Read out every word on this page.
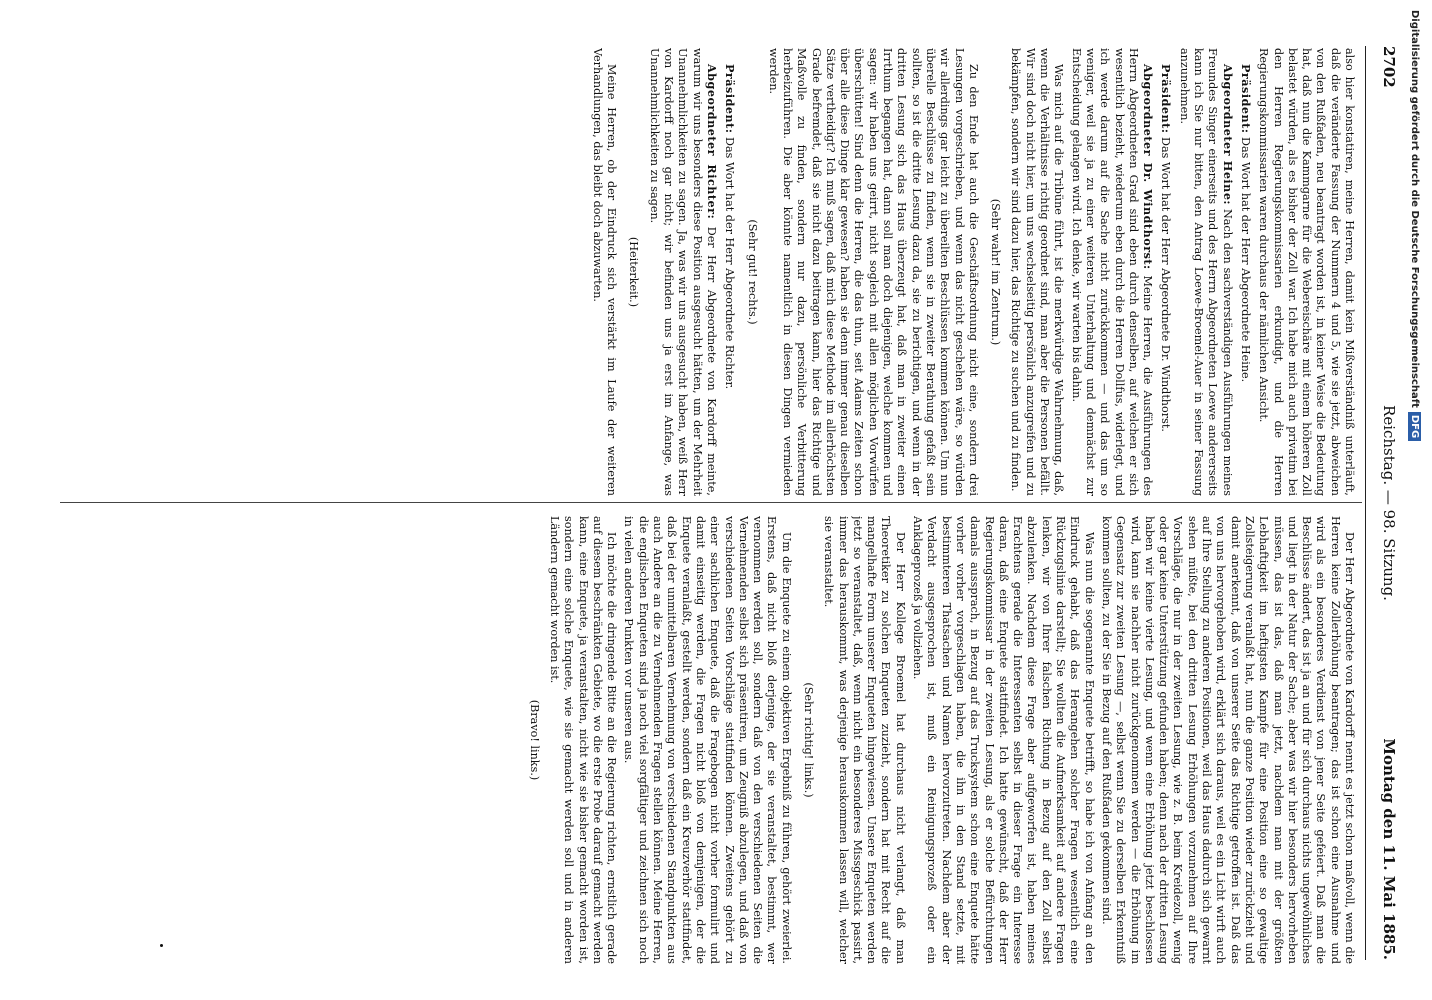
2702
Reichstag. — 98. Sitzung.
Montag den 11. Mai 1885.

also hier konstatiren, meine Herren, damit kein Mißverständniß unterläuft, daß die veränderte Fassung der Nummern 4 und 5, wie sie jetzt, abweichen von den Rußfaden, neu beantragt worden ist, in keiner Weise die Bedeutung hat, daß nun die Kammgarne für die Webereischäre mit einem höheren Zoll belastet würden, als es bisher der Zoll war. Ich habe mich auch privatim bei den Herren Regierungskommissarien erkundigt, und die Herren Regierungskommissarien waren durchaus der nämlichen Ansicht.

Präsident: Das Wort hat der Herr Abgeordnete Heine.

Abgeordneter Heine: Nach den sachverständigen Ausführungen meines Freundes Singer einerseits und des Herrn Abgeordneten Loewe andererseits kann ich Sie nur bitten, den Antrag Loewe-Broemel-Auer in seiner Fassung anzunehmen.

Präsident: Das Wort hat der Herr Abgeordnete Dr. Windthorst.

Abgeordneter Dr. Windthorst: Meine Herren, die Ausführungen des Herrn Abgeordneten Grad sind eben durch denselben, auf welchen er sich wesentlich bezieht, wiederum eben durch die Herren Dollfus, widerlegt, und ich werde darum auf die Sache nicht zurückkommen — und das um so weniger, weil sie ja zu einer weiteren Unterhaltung und demnächst zur Entscheidung gelangen wird. Ich denke, wir warten bis dahin.

Was mich auf die Tribüne führt, ist die merkwürdige Wahrnehmung, daß, wenn die Verhältnisse richtig geordnet sind, man aber die Personen befällt. Wir sind doch nicht hier, um uns wechselseitig persönlich anzugreifen und zu bekämpfen, sondern wir sind dazu hier, das Richtige zu suchen und zu finden.

(Sehr wahr! im Zentrum.)

Zu den Ende hat auch die Geschäftsordnung nicht eine, sondern drei Lesungen vorgeschrieben, und wenn das nicht geschehen wäre, so würden wir allerdings gar leicht zu übereilten Beschlüssen kommen können. Um nun überelle Beschlüsse zu finden, wenn sie in zweiter Berathung gefaßt sein sollten, so ist die dritte Lesung dazu da, sie zu berichtigen, und wenn in der dritten Lesung sich das Haus überzeugt hat, daß man in zweiter einen Irrthum begangen hat, dann soll man doch diejenigen, welche kommen und sagen: wir haben uns geirrt, nicht sogleich mit allen möglichen Vorwürfen überschütten! Sind denn die Herren, die das thun, seit Adams Zeiten schon über alle diese Dinge klar gewesen? haben sie denn immer genau dieselben Sätze vertheidigt? Ich muß sagen, daß mich diese Methode im allerhöchsten Grade befremdet, daß sie nicht dazu beitragen kann, hier das Richtige und Maßvolle zu finden, sondern nur dazu, persönliche Verbitterung herbeizuführen. Die aber könnte namentlich in diesen Dingen vermieden werden.

(Sehr gut! rechts.)

Präsident: Das Wort hat der Herr Abgeordnete Richter.

Abgeordneter Richter: Der Herr Abgeordnete von Kardorff meinte, warum wir uns besonders diese Position ausgesucht hätten, um der Mehrheit Unannehmlichkeiten zu sagen. Ja, was wir uns ausgesucht haben, weiß Herr von Kardorff noch gar nicht; wir befinden uns ja erst im Anfange, was Unannehmlichkeiten zu sagen.

(Heiterkeit.)

Meine Herren, ob der Eindruck sich verstärkt im Laufe der weiteren Verhandlungen, das bleibt doch abzuwarten.

Der Herr Abgeordnete von Kardorff nennt es jetzt schon maßvoll, wenn die Herren keine Zollerhöhung beantragen; das ist schon eine Ausnahme und wird als ein besonderes Verdienst von jener Seite gefeiert. Daß man die Beschlüsse ändert, das ist ja an und für sich durchaus nichts ungewöhnliches und liegt in der Natur der Sache; aber was wir hier besonders hervorheben müssen, das ist das, daß man jetzt, nachdem man mit der größten Lebhaftigkeit im heftigsten Kampfe für eine Position eine so gewaltige Zollsteigerung veranlaßt hat, nun die ganze Position wieder zurückzieht und damit anerkennt, daß von unserer Seite das Richtige getroffen ist. Daß das von uns hervorgehoben wird, erklärt sich daraus, weil es ein Licht wirft auch auf Ihre Stellung zu anderen Positionen, weil das Haus dadurch sich gewarnt sehen müßte, bei den dritten Lesung Erhöhungen vorzunehmen auf Ihre Vorschläge, die nur in der zweiten Lesung, wie z. B. beim Kreidezoll, wenig oder gar keine Unterstützung gefunden haben; denn nach der dritten Lesung haben wir keine vierte Lesung, und wenn eine Erhöhung jetzt beschlossen wird, kann sie nachher nicht zurückgenommen werden — die Erhöhung im Gegensatz zur zweiten Lesung —, selbst wenn Sie zu derselben Erkenntniß kommen sollten, zu der Sie in Bezug auf den Rußfaden gekommen sind.

Was nun die sogenannte Enquete betrifft, so habe ich von Anfang an den Eindruck gehabt, daß das Herangehen solcher Fragen wesentlich eine Rückzugslinie darstellt; Sie wollten die Aufmerksamkeit auf andere Fragen lenken, wir von Ihrer falschen Richtung in Bezug auf den Zoll selbst abzulenken. Nachdem diese Frage aber aufgeworfen ist, haben meines Erachtens gerade die Interessenten selbst in dieser Frage ein Interesse daran, daß eine Enquete stattfindet. Ich hatte gewünscht, daß der Herr Regierungskommissar in der zweiten Lesung, als er solche Befürchtungen damals aussprach, in Bezug auf das Trucksystem schon eine Enquete hätte vorher vorher vorgeschlagen haben, die ihn in den Stand setzte, mit bestimmteren Thatsachen und Namen hervorzutreten. Nachdem aber der Verdacht ausgesprochen ist, muß ein Reinigungsprozeß oder ein Anklageprozeß ja vollziehen.

Der Herr Kollege Broemel hat durchaus nicht verlangt, daß man Theoretiker zu solchen Enqueten zuzieht, sondern hat mit Recht auf die mangelhafte Form unserer Enqueten hingewiesen. Unsere Enqueten werden jetzt so veranstaltet, daß, wenn nicht ein besonderes Missgeschick passirt, immer das herauskommt, was derjenige herauskommen lassen will, welcher sie veranstaltet.

(Sehr richtig! links.)

Um die Enquete zu einem objektiven Ergebniß zu führen, gehört zweierlei. Erstens, daß nicht bloß derjenige, der sie veranstaltet, bestimmt, wer vernommen werden soll, sondern daß von den verschiedenen Seiten die Vernehmenden selbst sich präsentiren, um Zeugniß abzulegen, und daß von verschiedenen Seiten Vorschläge stattfinden können. Zweitens gehört zu einer sachlichen Enquete, daß die Fragebogen nicht vorher formulirt und damit einseitig werden, die Fragen nicht bloß von demjenigen, der die Enquete veranlaßt, gestellt werden, sondern daß ein Kreuzverhör stattfindet, daß bei der unmittelbaren Vernehmung von verschiedenen Standpunkten aus auch Andere an die zu Vernehmenden Fragen stellen können. Meine Herren, die englischen Enqueten sind ja noch viel sorgfältiger und zeichnen sich noch in vielen anderen Punkten vor unseren aus.

Ich möchte die dringende Bitte an die Regierung richten, ernstlich gerade auf diesem beschränkten Gebiete, wo die erste Probe darauf gemacht werden kann, eine Enquete, ja veranstalten, nicht wie sie bisher gemacht worden ist, sondern eine solche Enquete, wie sie gemacht werden soll und in anderen Ländern gemacht worden ist.

(Bravo! links.)

Digitalisierung gefördert durch die Deutsche ForschungsgemeinschaftDFG
